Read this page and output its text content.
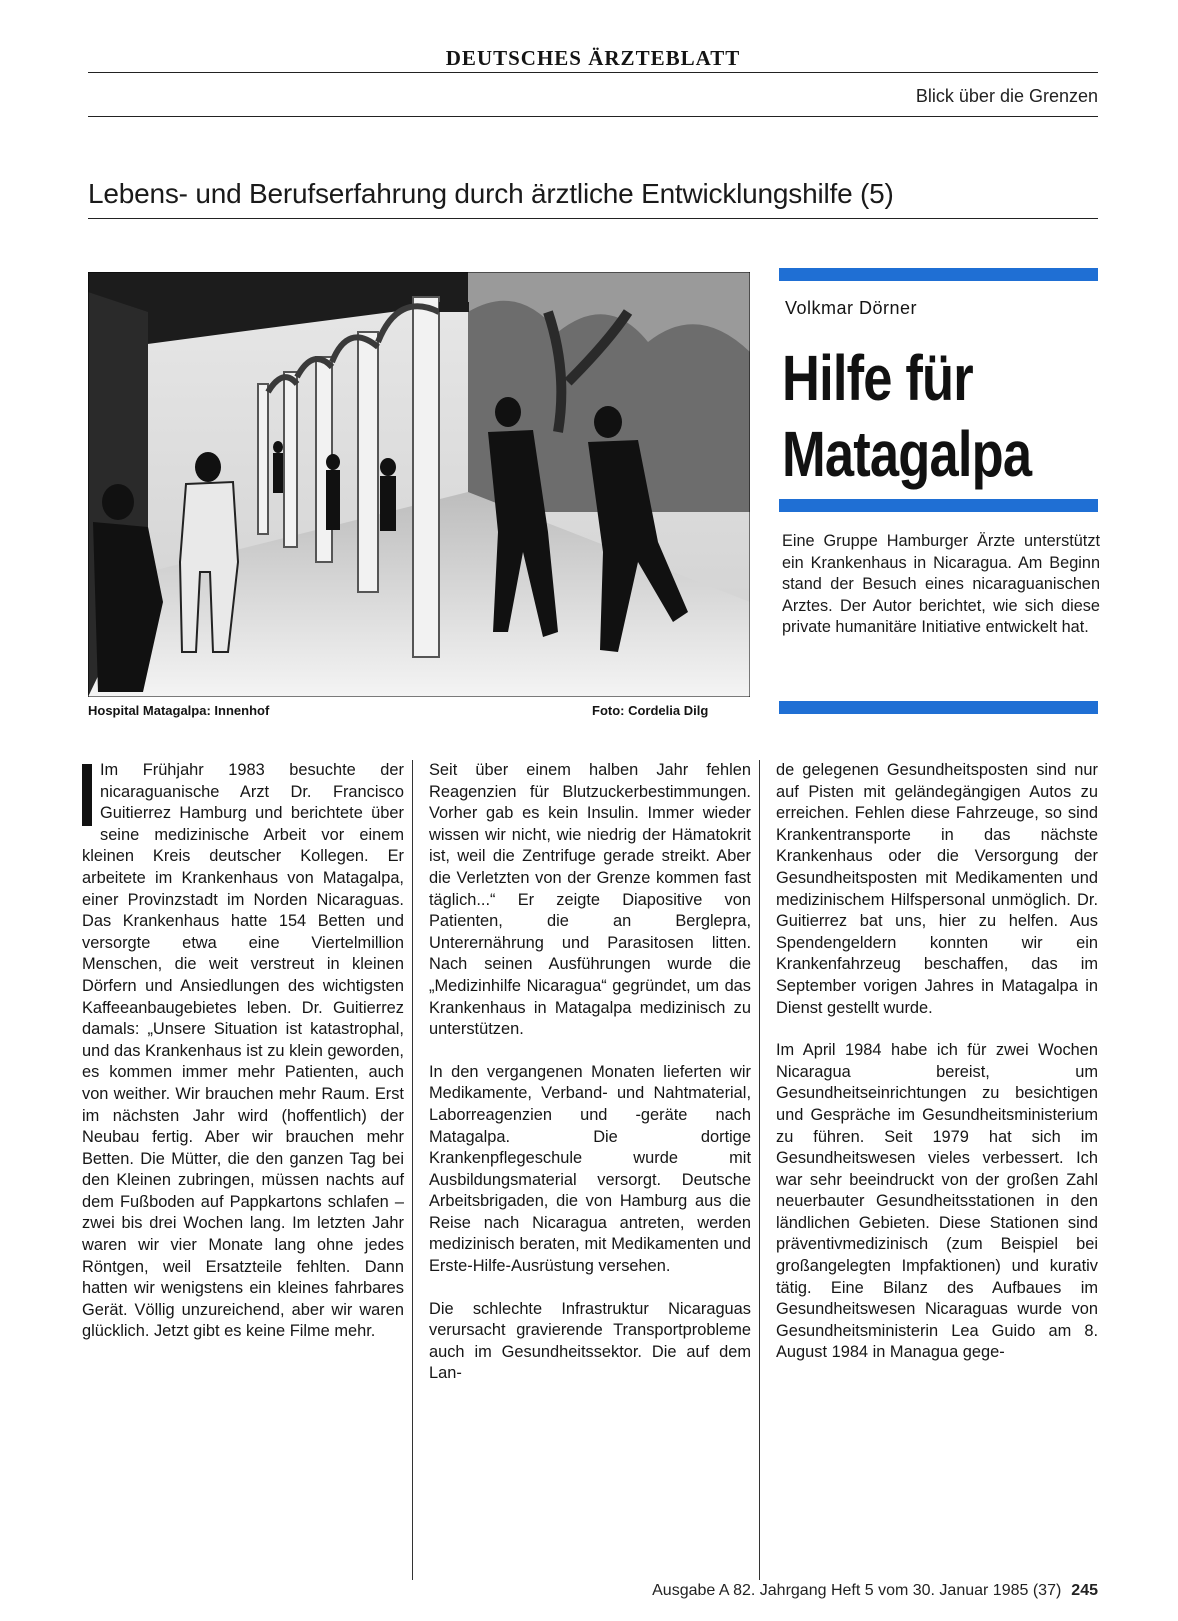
DEUTSCHES ÄRZTEBLATT
Blick über die Grenzen
Lebens- und Berufserfahrung durch ärztliche Entwicklungshilfe (5)
Hospital Matagalpa: Innenhof	Foto: Cordelia Dilg
Volkmar Dörner
Hilfe für
Matagalpa
Eine Gruppe Hamburger Ärzte unterstützt ein Krankenhaus in Nicaragua. Am Beginn stand der Besuch eines nicaraguanischen Arztes. Der Autor berichtet, wie sich diese private humanitäre Initiative entwickelt hat.

Im Frühjahr 1983 besuchte der nicaraguanische Arzt Dr. Francisco Guitierrez Hamburg und berichtete über seine medizinische Arbeit vor einem kleinen Kreis deutscher Kollegen. Er arbeitete im Krankenhaus von Matagalpa, einer Provinzstadt im Norden Nicaraguas. Das Krankenhaus hatte 154 Betten und versorgte etwa eine Viertelmillion Menschen, die weit verstreut in kleinen Dörfern und Ansiedlungen des wichtigsten Kaffeeanbaugebietes leben. Dr. Guitierrez damals: „Unsere Situation ist katastrophal, und das Krankenhaus ist zu klein geworden, es kommen immer mehr Patienten, auch von weither. Wir brauchen mehr Raum. Erst im nächsten Jahr wird (hoffentlich) der Neubau fertig. Aber wir brauchen mehr Betten. Die Mütter, die den ganzen Tag bei den Kleinen zubringen, müssen nachts auf dem Fußboden auf Pappkartons schlafen – zwei bis drei Wochen lang. Im letzten Jahr waren wir vier Monate lang ohne jedes Röntgen, weil Ersatzteile fehlten. Dann hatten wir wenigstens ein kleines fahrbares Gerät. Völlig unzureichend, aber wir waren glücklich. Jetzt gibt es keine Filme mehr.

Seit über einem halben Jahr fehlen Reagenzien für Blutzuckerbestimmungen. Vorher gab es kein Insulin. Immer wieder wissen wir nicht, wie niedrig der Hämatokrit ist, weil die Zentrifuge gerade streikt. Aber die Verletzten von der Grenze kommen fast täglich...“ Er zeigte Diapositive von Patienten, die an Berglepra, Unterernährung und Parasitosen litten. Nach seinen Ausführungen wurde die „Medizinhilfe Nicaragua“ gegründet, um das Krankenhaus in Matagalpa medizinisch zu unterstützen.

In den vergangenen Monaten lieferten wir Medikamente, Verband- und Nahtmaterial, Laborreagenzien und -geräte nach Matagalpa. Die dortige Krankenpflegeschule wurde mit Ausbildungsmaterial versorgt. Deutsche Arbeitsbrigaden, die von Hamburg aus die Reise nach Nicaragua antreten, werden medizinisch beraten, mit Medikamenten und Erste-Hilfe-Ausrüstung versehen.

Die schlechte Infrastruktur Nicaraguas verursacht gravierende Transportprobleme auch im Gesundheitssektor. Die auf dem Lan-

de gelegenen Gesundheitsposten sind nur auf Pisten mit geländegängigen Autos zu erreichen. Fehlen diese Fahrzeuge, so sind Krankentransporte in das nächste Krankenhaus oder die Versorgung der Gesundheitsposten mit Medikamenten und medizinischem Hilfspersonal unmöglich. Dr. Guitierrez bat uns, hier zu helfen. Aus Spendengeldern konnten wir ein Krankenfahrzeug beschaffen, das im September vorigen Jahres in Matagalpa in Dienst gestellt wurde.

Im April 1984 habe ich für zwei Wochen Nicaragua bereist, um Gesundheitseinrichtungen zu besichtigen und Gespräche im Gesundheitsministerium zu führen. Seit 1979 hat sich im Gesundheitswesen vieles verbessert. Ich war sehr beeindruckt von der großen Zahl neuerbauter Gesundheitsstationen in den ländlichen Gebieten. Diese Stationen sind präventivmedizinisch (zum Beispiel bei großangelegten Impfaktionen) und kurativ tätig. Eine Bilanz des Aufbaues im Gesundheitswesen Nicaraguas wurde von Gesundheitsministerin Lea Guido am 8. August 1984 in Managua gege-

Ausgabe A 82. Jahrgang Heft 5 vom 30. Januar 1985 (37) 245
